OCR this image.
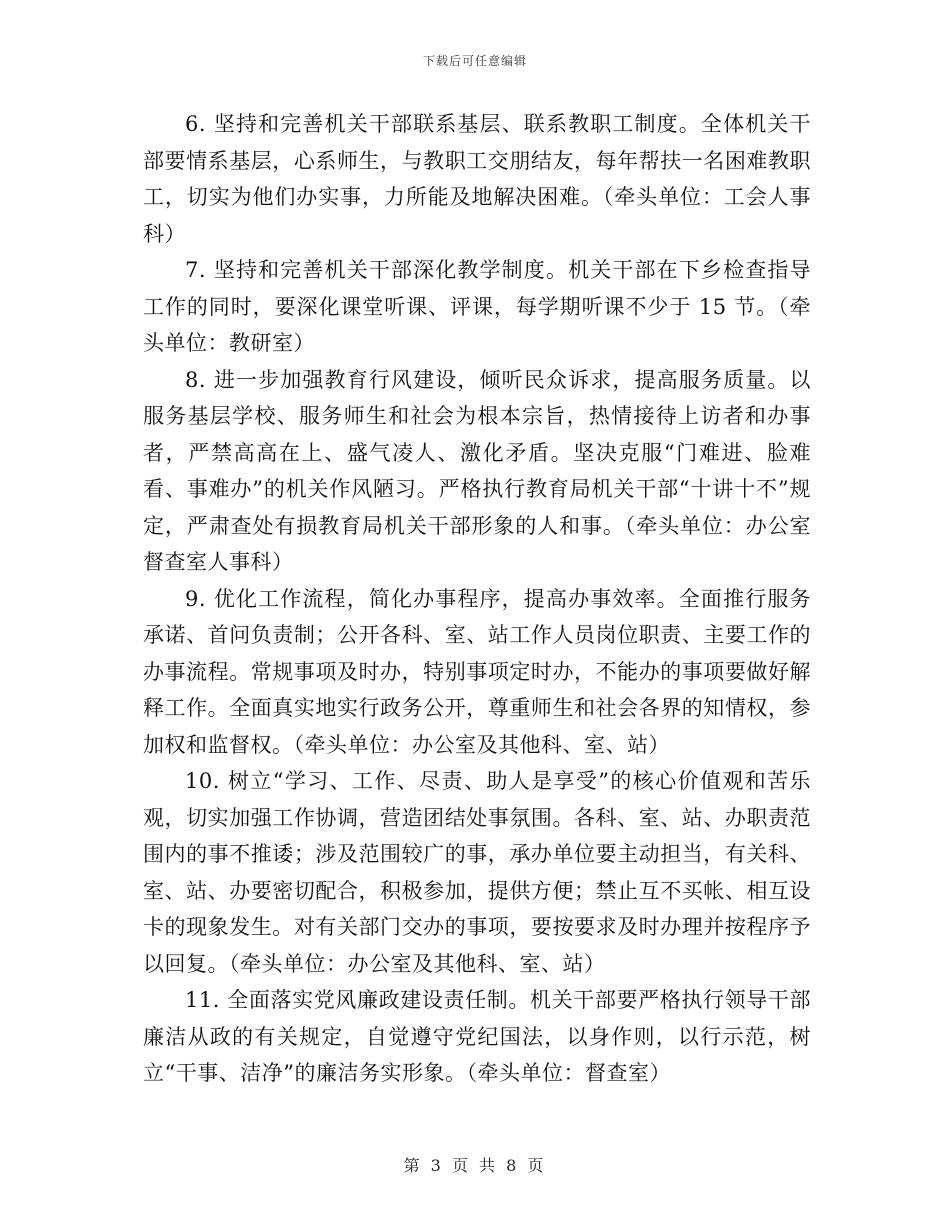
下载后可任意编辑

6. 坚持和完善机关干部联系基层、联系教职工制度。全体机关干部要情系基层，心系师生，与教职工交朋结友，每年帮扶一名困难教职工，切实为他们办实事，力所能及地解决困难。（牵头单位：工会人事科）

7. 坚持和完善机关干部深化教学制度。机关干部在下乡检查指导工作的同时，要深化课堂听课、评课，每学期听课不少于 15 节。（牵头单位：教研室）

8. 进一步加强教育行风建设，倾听民众诉求，提高服务质量。以服务基层学校、服务师生和社会为根本宗旨，热情接待上访者和办事者，严禁高高在上、盛气凌人、激化矛盾。坚决克服“门难进、脸难看、事难办”的机关作风陋习。严格执行教育局机关干部“十讲十不”规定，严肃查处有损教育局机关干部形象的人和事。（牵头单位：办公室督查室人事科）

9. 优化工作流程，简化办事程序，提高办事效率。全面推行服务承诺、首问负责制；公开各科、室、站工作人员岗位职责、主要工作的办事流程。常规事项及时办，特别事项定时办，不能办的事项要做好解释工作。全面真实地实行政务公开，尊重师生和社会各界的知情权，参加权和监督权。（牵头单位：办公室及其他科、室、站）

10. 树立“学习、工作、尽责、助人是享受”的核心价值观和苦乐观，切实加强工作协调，营造团结处事氛围。各科、室、站、办职责范围内的事不推诿；涉及范围较广的事，承办单位要主动担当，有关科、室、站、办要密切配合，积极参加，提供方便；禁止互不买帐、相互设卡的现象发生。对有关部门交办的事项，要按要求及时办理并按程序予以回复。（牵头单位：办公室及其他科、室、站）

11. 全面落实党风廉政建设责任制。机关干部要严格执行领导干部廉洁从政的有关规定，自觉遵守党纪国法，以身作则，以行示范，树立“干事、洁净”的廉洁务实形象。（牵头单位：督查室）

第 3 页 共 8 页
